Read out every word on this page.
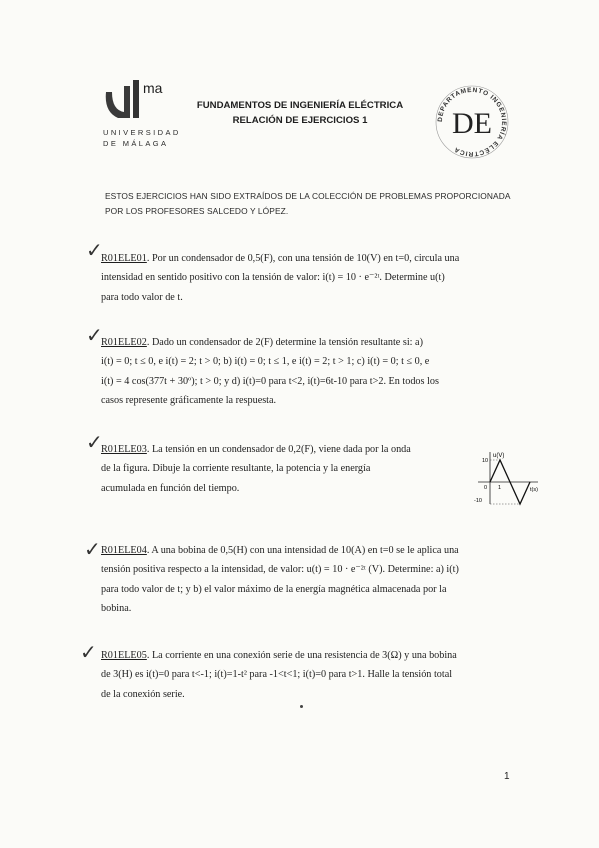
ma
UNIVERSIDAD
DE MÁLAGA
FUNDAMENTOS DE INGENIERÍA ELÉCTRICA
RELACIÓN DE EJERCICIOS 1	DEPARTAMENTO INGENIERÍA ELÉCTRICA
DE
ESTOS EJERCICIOS HAN SIDO EXTRAÍDOS DE LA COLECCIÓN DE PROBLEMAS PROPORCIONADA
POR LOS PROFESORES SALCEDO Y LÓPEZ.
✓
✓
✓
✓
✓
R01ELE01. Por un condensador de 0,5(F), con una tensión de 10(V) en t=0, circula una
intensidad en sentido positivo con la tensión de valor: i(t) = 10 · e⁻²ᵗ. Determine u(t)
para todo valor de t.
R01ELE02. Dado un condensador de 2(F) determine la tensión resultante si: a)
i(t) = 0; t ≤ 0, e i(t) = 2; t > 0; b) i(t) = 0; t ≤ 1, e i(t) = 2; t > 1; c) i(t) = 0; t ≤ 0, e
i(t) = 4 cos(377t + 30º); t > 0; y d) i(t)=0 para t<2, i(t)=6t-10 para t>2. En todos los
casos represente gráficamente la respuesta.
R01ELE03. La tensión en un condensador de 0,2(F), viene dada por la onda
de la figura. Dibuje la corriente resultante, la potencia y la energía
acumulada en función del tiempo.
u(V)
t(s)
10
-10
0 1
R01ELE04. A una bobina de 0,5(H) con una intensidad de 10(A) en t=0 se le aplica una
tensión positiva respecto a la intensidad, de valor: u(t) = 10 · e⁻²ᵗ (V). Determine: a) i(t)
para todo valor de t; y b) el valor máximo de la energía magnética almacenada por la
bobina.
R01ELE05. La corriente en una conexión serie de una resistencia de 3(Ω) y una bobina
de 3(H) es i(t)=0 para t<-1; i(t)=1-t² para -1<t<1; i(t)=0 para t>1. Halle la tensión total
de la conexión serie.
1
